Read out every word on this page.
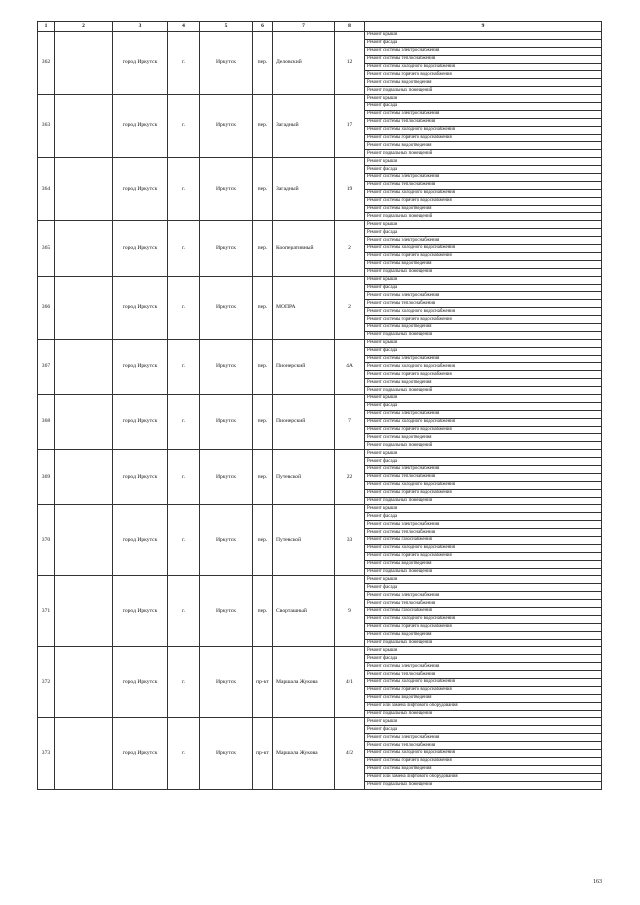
1	2	3	4	5	6	7	8	9
362		город Иркутск	г.	Иркутск	пер.	Деловский	12	Ремонт крыши
								Ремонт фасада
								Ремонт системы электроснабжения
								Ремонт системы теплоснабжения
								Ремонт системы холодного водоснабжения
								Ремонт системы горячего водоснабжения
								Ремонт системы водоотведения
								Ремонт подвальных помещений
363		город Иркутск	г.	Иркутск	пер.	Загадный	17	Ремонт крыши
								Ремонт фасада
								Ремонт системы электроснабжения
								Ремонт системы теплоснабжения
								Ремонт системы холодного водоснабжения
								Ремонт системы горячего водоснабжения
								Ремонт системы водоотведения
								Ремонт подвальных помещений
364		город Иркутск	г.	Иркутск	пер.	Загадный	19	Ремонт крыши
								Ремонт фасада
								Ремонт системы электроснабжения
								Ремонт системы теплоснабжения
								Ремонт системы холодного водоснабжения
								Ремонт системы горячего водоснабжения
								Ремонт системы водоотведения
								Ремонт подвальных помещений
365		город Иркутск	г.	Иркутск	пер.	Кооперативный	2	Ремонт крыши
								Ремонт фасада
								Ремонт системы электроснабжения
								Ремонт системы холодного водоснабжения
								Ремонт системы горячего водоснабжения
								Ремонт системы водоотведения
								Ремонт подвальных помещений
366		город Иркутск	г.	Иркутск	пер.	МОПРА	2	Ремонт крыши
								Ремонт фасада
								Ремонт системы электроснабжения
								Ремонт системы теплоснабжения
								Ремонт системы холодного водоснабжения
								Ремонт системы горячего водоснабжения
								Ремонт системы водоотведения
								Ремонт подвальных помещений
367		город Иркутск	г.	Иркутск	пер.	Пионерский	4А	Ремонт крыши
								Ремонт фасада
								Ремонт системы электроснабжения
								Ремонт системы холодного водоснабжения
								Ремонт системы горячего водоснабжения
								Ремонт системы водоотведения
								Ремонт подвальных помещений
368		город Иркутск	г.	Иркутск	пер.	Пионерский	7	Ремонт крыши
								Ремонт фасада
								Ремонт системы электроснабжения
								Ремонт системы холодного водоснабжения
								Ремонт системы горячего водоснабжения
								Ремонт системы водоотведения
								Ремонт подвальных помещений
369		город Иркутск	г.	Иркутск	пер.	Путевской	22	Ремонт крыши
								Ремонт фасада
								Ремонт системы электроснабжения
								Ремонт системы теплоснабжения
								Ремонт системы холодного водоснабжения
								Ремонт системы горячего водоснабжения
								Ремонт подвальных помещений
370		город Иркутск	г.	Иркутск	пер.	Путевской	33	Ремонт крыши
								Ремонт фасада
								Ремонт системы электроснабжения
								Ремонт системы теплоснабжения
								Ремонт системы газоснабжения
								Ремонт системы холодного водоснабжения
								Ремонт системы горячего водоснабжения
								Ремонт системы водоотведения
								Ремонт подвальных помещений
371		город Иркутск	г.	Иркутск	пер.	Сворташный	9	Ремонт крыши
								Ремонт фасада
								Ремонт системы электроснабжения
								Ремонт системы теплоснабжения
								Ремонт системы газоснабжения
								Ремонт системы холодного водоснабжения
								Ремонт системы горячего водоснабжения
								Ремонт системы водоотведения
								Ремонт подвальных помещений
372		город Иркутск	г.	Иркутск	пр-кт	Маршала Жукова	4/1	Ремонт крыши
								Ремонт фасада
								Ремонт системы электроснабжения
								Ремонт системы теплоснабжения
								Ремонт системы холодного водоснабжения
								Ремонт системы горячего водоснабжения
								Ремонт системы водоотведения
								Ремонт или замена лифтового оборудования
								Ремонт подвальных помещений
373		город Иркутск	г.	Иркутск	пр-кт	Маршала Жукова	4/2	Ремонт крыши
								Ремонт фасада
								Ремонт системы электроснабжения
								Ремонт системы теплоснабжения
								Ремонт системы холодного водоснабжения
								Ремонт системы горячего водоснабжения
								Ремонт системы водоотведения
								Ремонт или замена лифтового оборудования
								Ремонт подвальных помещений
163
